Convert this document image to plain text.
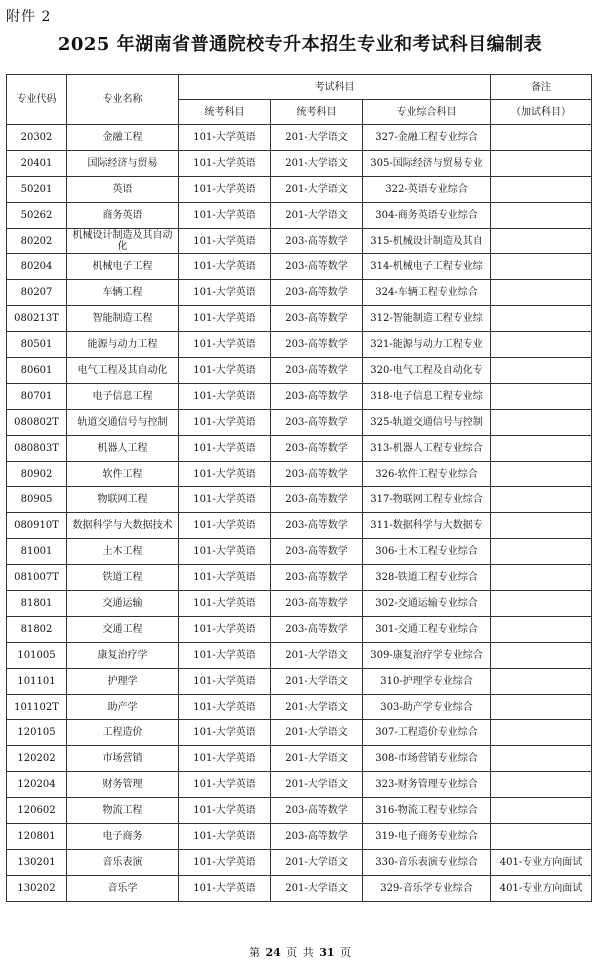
附件 2
2025 年湖南省普通院校专升本招生专业和考试科目编制表
专业代码	专业名称	考试科目			备注
		统考科目	统考科目	专业综合科目	（加试科目）
20302	金融工程	101-大学英语	201-大学语文	327-金融工程专业综合	
20401	国际经济与贸易	101-大学英语	201-大学语文	305-国际经济与贸易专业	
50201	英语	101-大学英语	201-大学语文	322-英语专业综合	
50262	商务英语	101-大学英语	201-大学语文	304-商务英语专业综合	
80202	机械设计制造及其自动化	101-大学英语	203-高等数学	315-机械设计制造及其自	
80204	机械电子工程	101-大学英语	203-高等数学	314-机械电子工程专业综	
80207	车辆工程	101-大学英语	203-高等数学	324-车辆工程专业综合	
080213T	智能制造工程	101-大学英语	203-高等数学	312-智能制造工程专业综	
80501	能源与动力工程	101-大学英语	203-高等数学	321-能源与动力工程专业	
80601	电气工程及其自动化	101-大学英语	203-高等数学	320-电气工程及自动化专	
80701	电子信息工程	101-大学英语	203-高等数学	318-电子信息工程专业综	
080802T	轨道交通信号与控制	101-大学英语	203-高等数学	325-轨道交通信号与控制	
080803T	机器人工程	101-大学英语	203-高等数学	313-机器人工程专业综合	
80902	软件工程	101-大学英语	203-高等数学	326-软件工程专业综合	
80905	物联网工程	101-大学英语	203-高等数学	317-物联网工程专业综合	
080910T	数据科学与大数据技术	101-大学英语	203-高等数学	311-数据科学与大数据专	
81001	土木工程	101-大学英语	203-高等数学	306-土木工程专业综合	
081007T	铁道工程	101-大学英语	203-高等数学	328-铁道工程专业综合	
81801	交通运输	101-大学英语	203-高等数学	302-交通运输专业综合	
81802	交通工程	101-大学英语	203-高等数学	301-交通工程专业综合	
101005	康复治疗学	101-大学英语	201-大学语文	309-康复治疗学专业综合	
101101	护理学	101-大学英语	201-大学语文	310-护理学专业综合	
101102T	助产学	101-大学英语	201-大学语文	303-助产学专业综合	
120105	工程造价	101-大学英语	201-大学语文	307-工程造价专业综合	
120202	市场营销	101-大学英语	201-大学语文	308-市场营销专业综合	
120204	财务管理	101-大学英语	201-大学语文	323-财务管理专业综合	
120602	物流工程	101-大学英语	203-高等数学	316-物流工程专业综合	
120801	电子商务	101-大学英语	203-高等数学	319-电子商务专业综合	
130201	音乐表演	101-大学英语	201-大学语文	330-音乐表演专业综合	401-专业方向面试
130202	音乐学	101-大学英语	201-大学语文	329-音乐学专业综合	401-专业方向面试
第 24 页 共 31 页
